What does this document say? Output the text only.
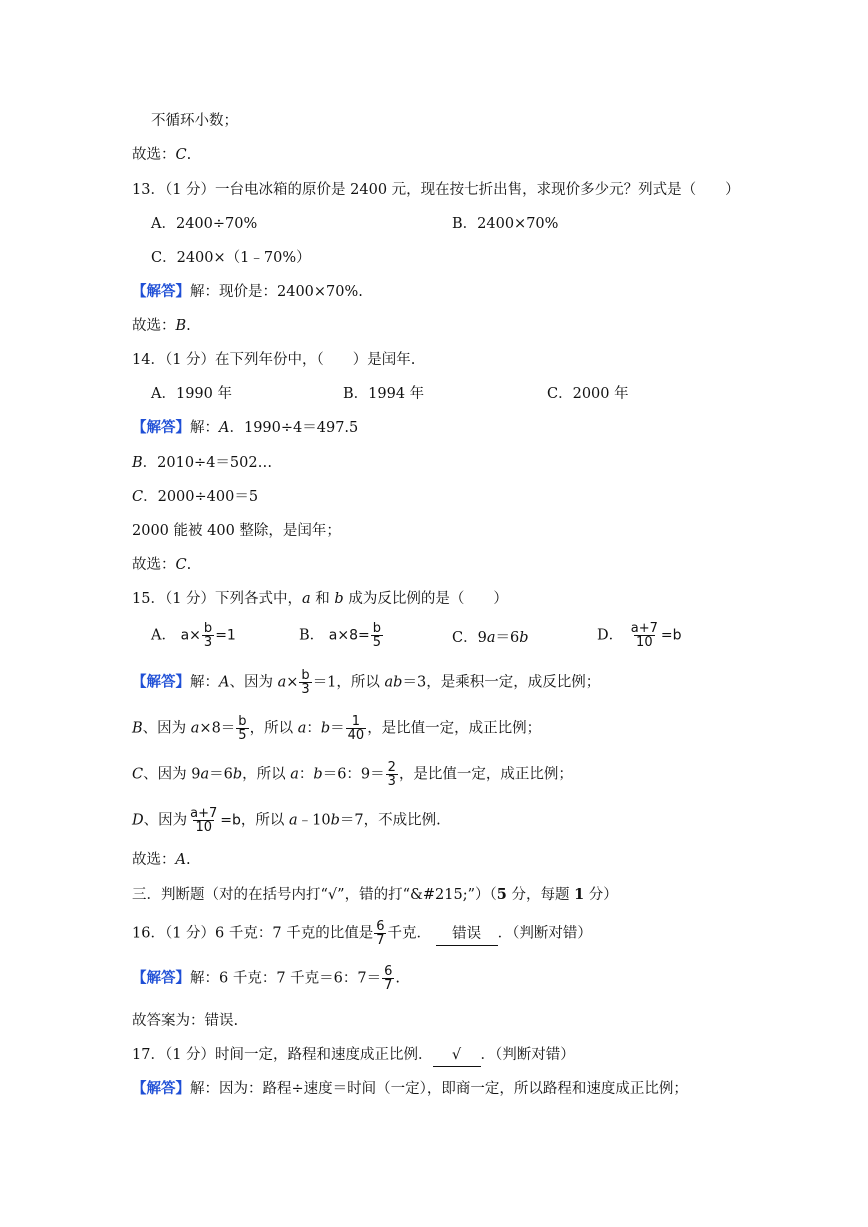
不循环小数；
故选：C.
13．（1 分）一台电冰箱的原价是 2400 元，现在按七折出售，求现价多少元？列式是（　　）
A．2400÷70%	B．2400×70%
C．2400×（1﹣70%）
【解答】解：现价是：2400×70%.
故选：B.
14．（1 分）在下列年份中，（　　）是闰年.
A．1990 年	B．1994 年	C．2000 年
【解答】解：A．1990÷4＝497.5
B．2010÷4＝502…
C．2000÷400＝5
2000 能被 400 整除，是闰年；
故选：C.
15．（1 分）下列各式中，a 和 b 成为反比例的是（　　）
A． $a\times \frac{b}{3} =1$	B． $a\times 8= \frac{b}{5}$	C．9a＝6b	D． $\frac{a+7}{10} =b$
【解答】解：A、因为 $a\times \frac{b}{3} =1$，所以 ab＝3，是乘积一定，成反比例；
B、因为 $a\times 8= \frac{b}{5}$ ，所以 a：$b= \frac{1}{40}$ ，是比值一定，成正比例；
C、因为 9a＝6b，所以 a：b＝6：$9= \frac{2}{3}$ ，是比值一定，成正比例；
D、因为 $\frac{a+7}{10} =b$，所以 a﹣10b＝7，不成比例.
故选：A.
三．判断题（对的在括号内打“√”，错的打“&#215;”）（5 分，每题 1 分）
16．（1 分）6 千克：7 千克的比值是 $\frac{6}{7}$ 千克． 错误 ．（判断对错）
【解答】解：6 千克：7 千克＝6：$7= \frac{6}{7}$ .
故答案为：错误.
17．（1 分）时间一定，路程和速度成正比例． √ ．（判断对错）
【解答】解：因为：路程÷速度＝时间（一定），即商一定，所以路程和速度成正比例；
